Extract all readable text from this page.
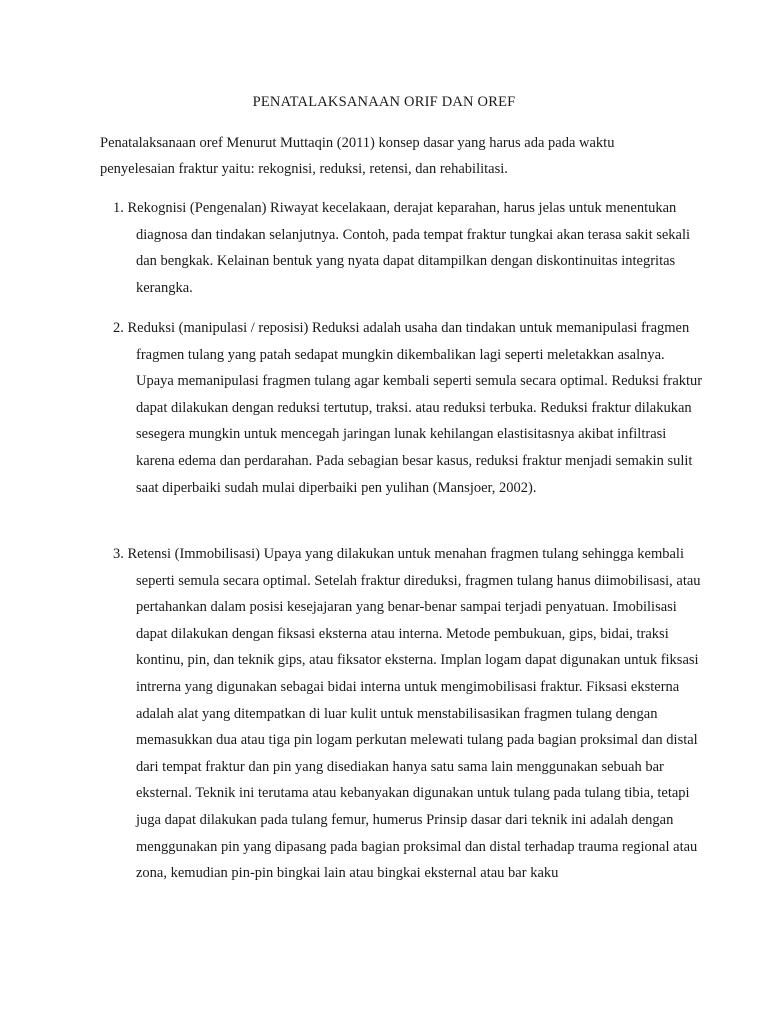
PENATALAKSANAAN ORIF DAN OREF

Penatalaksanaan oref Menurut Muttaqin (2011) konsep dasar yang harus ada pada waktu penyelesaian fraktur yaitu: rekognisi, reduksi, retensi, dan rehabilitasi.

1. Rekognisi (Pengenalan) Riwayat kecelakaan, derajat keparahan, harus jelas untuk menentukan diagnosa dan tindakan selanjutnya. Contoh, pada tempat fraktur tungkai akan terasa sakit sekali dan bengkak. Kelainan bentuk yang nyata dapat ditampilkan dengan diskontinuitas integritas kerangka.
2. Reduksi (manipulasi / reposisi) Reduksi adalah usaha dan tindakan untuk memanipulasi fragmen fragmen tulang yang patah sedapat mungkin dikembalikan lagi seperti meletakkan asalnya. Upaya memanipulasi fragmen tulang agar kembali seperti semula secara optimal. Reduksi fraktur dapat dilakukan dengan reduksi tertutup, traksi. atau reduksi terbuka. Reduksi fraktur dilakukan sesegera mungkin untuk mencegah jaringan lunak kehilangan elastisitasnya akibat infiltrasi karena edema dan perdarahan. Pada sebagian besar kasus, reduksi fraktur menjadi semakin sulit saat diperbaiki sudah mulai diperbaiki pen yulihan (Mansjoer, 2002).
3. Retensi (Immobilisasi) Upaya yang dilakukan untuk menahan fragmen tulang sehingga kembali seperti semula secara optimal. Setelah fraktur direduksi, fragmen tulang hanus diimobilisasi, atau pertahankan dalam posisi kesejajaran yang benar-benar sampai terjadi penyatuan. Imobilisasi dapat dilakukan dengan fiksasi eksterna atau interna. Metode pembukuan, gips, bidai, traksi kontinu, pin, dan teknik gips, atau fiksator eksterna. Implan logam dapat digunakan untuk fiksasi intrerna yang digunakan sebagai bidai interna untuk mengimobilisasi fraktur. Fiksasi eksterna adalah alat yang ditempatkan di luar kulit untuk menstabilisasikan fragmen tulang dengan memasukkan dua atau tiga pin logam perkutan melewati tulang pada bagian proksimal dan distal dari tempat fraktur dan pin yang disediakan hanya satu sama lain menggunakan sebuah bar eksternal. Teknik ini terutama atau kebanyakan digunakan untuk tulang pada tulang tibia, tetapi juga dapat dilakukan pada tulang femur, humerus Prinsip dasar dari teknik ini adalah dengan menggunakan pin yang dipasang pada bagian proksimal dan distal terhadap trauma regional atau zona, kemudian pin-pin bingkai lain atau bingkai eksternal atau bar kaku
